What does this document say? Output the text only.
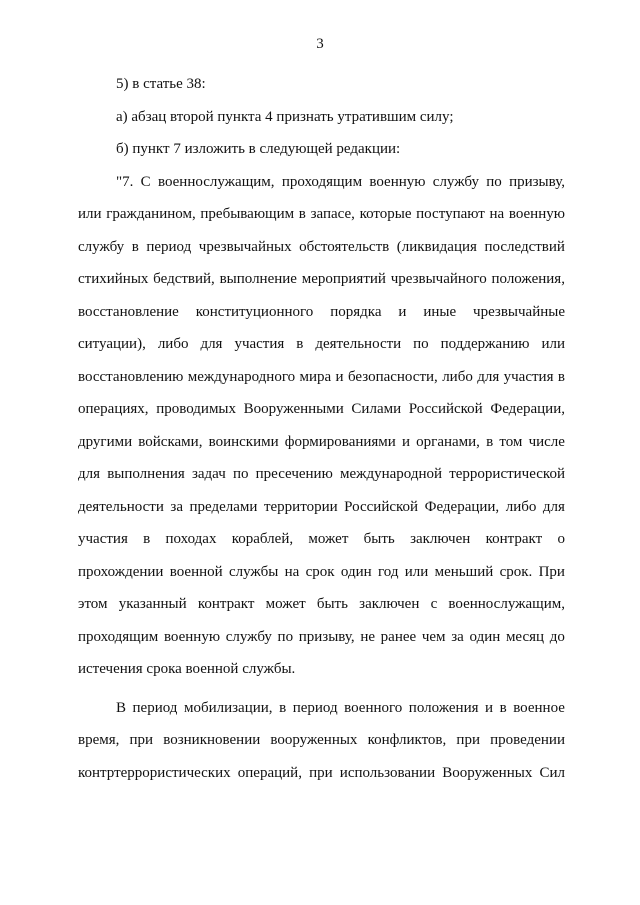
3
5) в статье 38:
а) абзац второй пункта 4 признать утратившим силу;
б) пункт 7 изложить в следующей редакции:
"7. С военнослужащим, проходящим военную службу по призыву,
или гражданином, пребывающим в запасе, которые поступают на военную
службу в период чрезвычайных обстоятельств (ликвидация последствий
стихийных бедствий, выполнение мероприятий чрезвычайного положения,
восстановление конституционного порядка и иные чрезвычайные
ситуации), либо для участия в деятельности по поддержанию или
восстановлению международного мира и безопасности, либо для участия в
операциях, проводимых Вооруженными Силами Российской Федерации,
другими войсками, воинскими формированиями и органами, в том числе
для выполнения задач по пресечению международной террористической
деятельности за пределами территории Российской Федерации, либо для
участия в походах кораблей, может быть заключен контракт о
прохождении военной службы на срок один год или меньший срок. При
этом указанный контракт может быть заключен с военнослужащим,
проходящим военную службу по призыву, не ранее чем за один месяц до
истечения срока военной службы.
В период мобилизации, в период военного положения и в военное
время, при возникновении вооруженных конфликтов, при проведении
контртеррористических операций, при использовании Вооруженных Сил
